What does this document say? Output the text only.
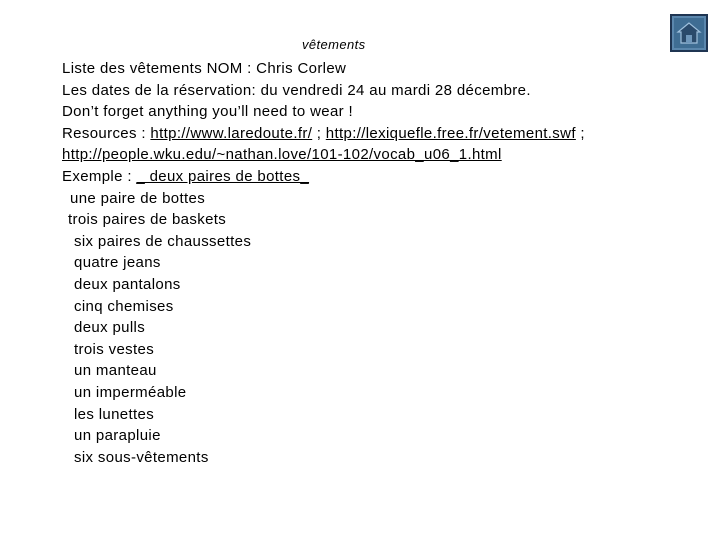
vêtements
Liste des vêtements NOM : Chris Corlew
Les dates de la réservation: du vendredi 24 au mardi 28 décembre.
Don’t forget anything you’ll need to wear !
Resources : http://www.laredoute.fr/ ; http://lexiquefle.free.fr/vetement.swf ;
http://people.wku.edu/~nathan.love/101-102/vocab_u06_1.html
Exemple : _ deux paires de bottes_
une paire de bottes
trois paires de baskets
six paires de chaussettes
quatre jeans
deux pantalons
cinq chemises
deux pulls
trois vestes
un manteau
un imperméable
les lunettes
un parapluie
six sous-vêtements
